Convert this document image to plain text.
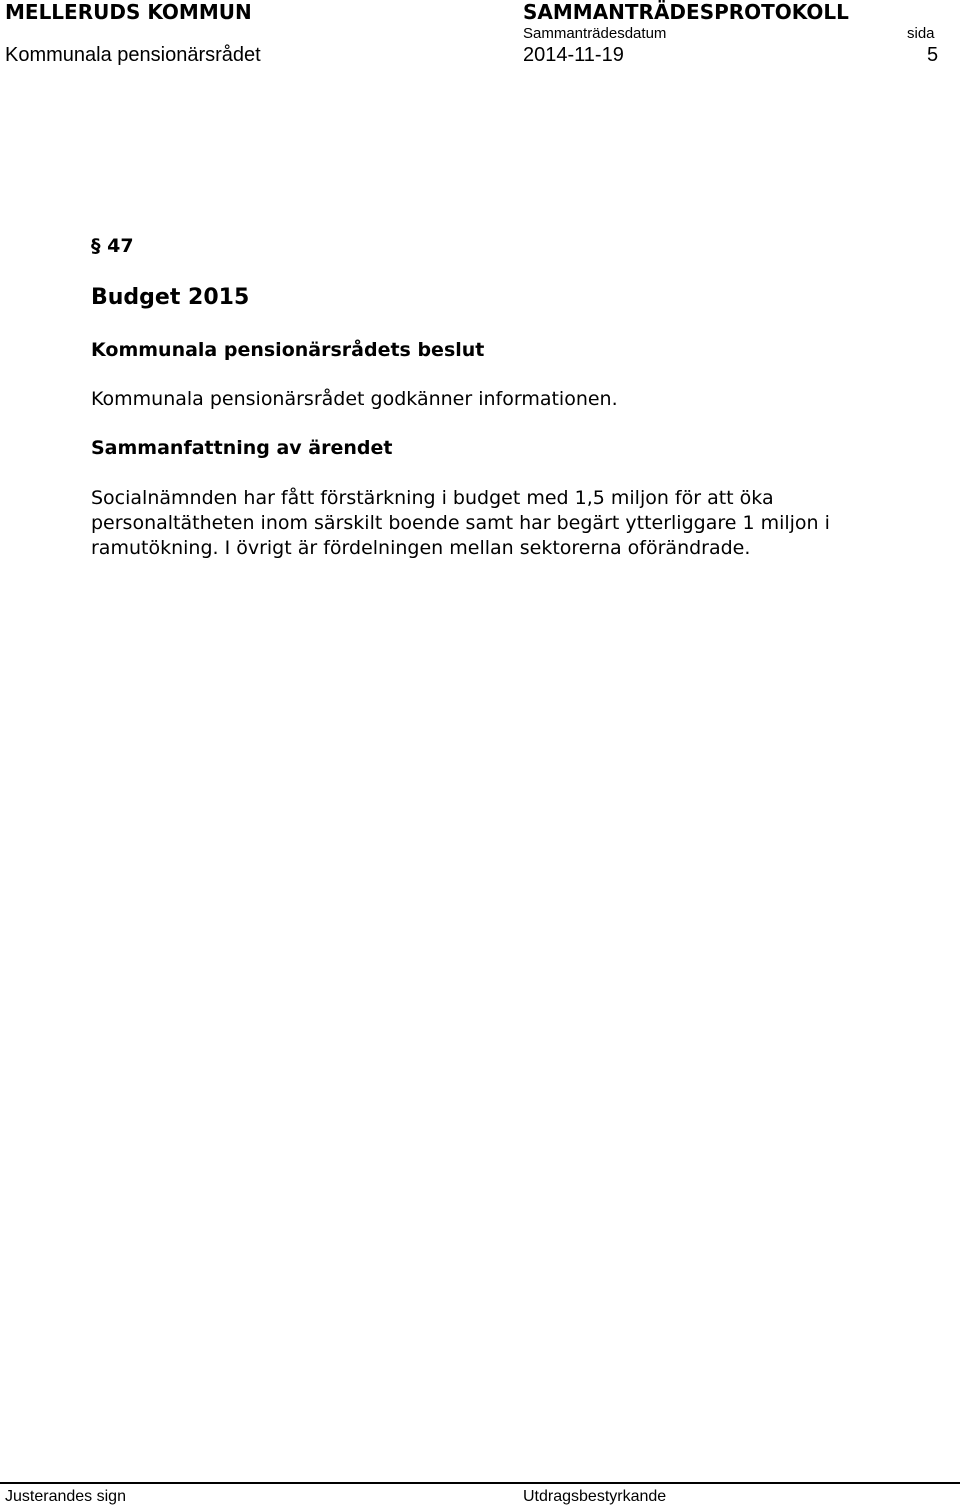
MELLERUDS KOMMUN	SAMMANTRÄDESPROTOKOLL
Sammanträdesdatum	sida
Kommunala pensionärsrådet	2014-11-19	5
§ 47
Budget 2015
Kommunala pensionärsrådets beslut
Kommunala pensionärsrådet godkänner informationen.
Sammanfattning av ärendet
Socialnämnden har fått förstärkning i budget med 1,5 miljon för att öka
personaltätheten inom särskilt boende samt har begärt ytterliggare 1 miljon i
ramutökning. I övrigt är fördelningen mellan sektorerna oförändrade.
Justerandes sign	Utdragsbestyrkande
